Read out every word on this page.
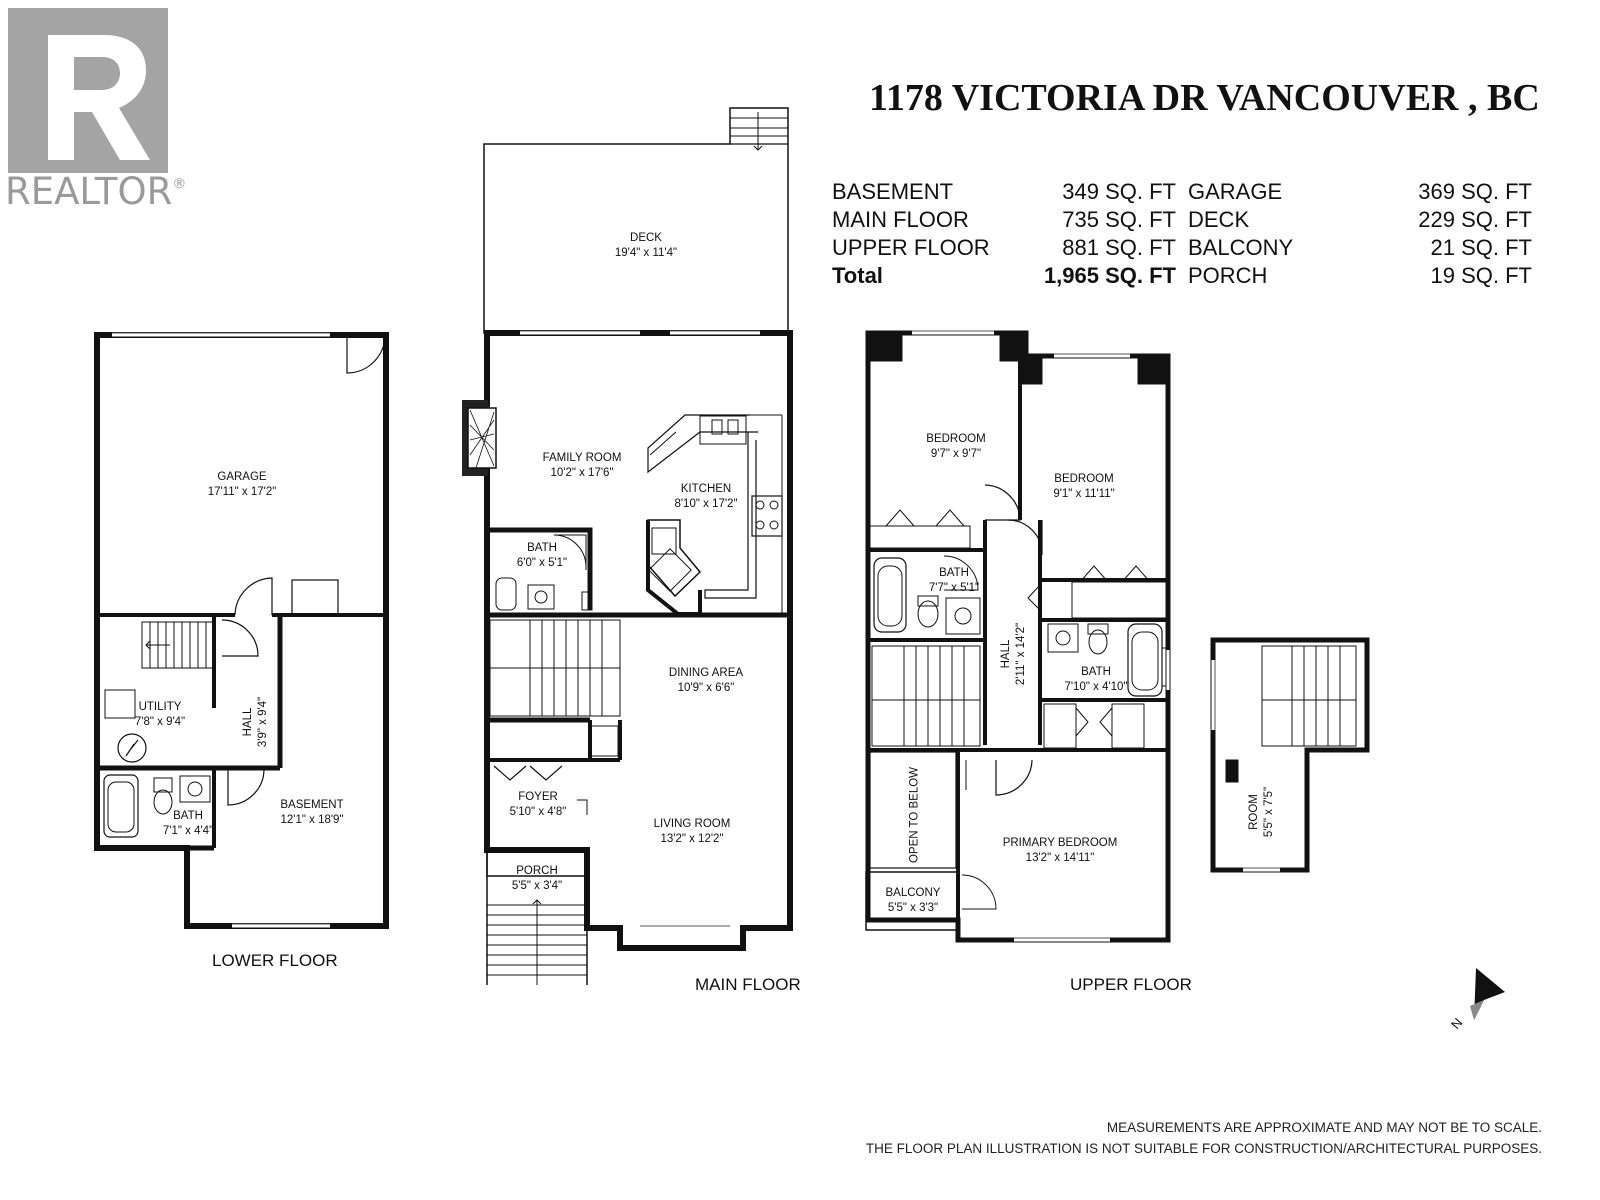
REALTOR®
1178 VICTORIA DR VANCOUVER , BC
BASEMENT	349 SQ. FT GARAGE	369 SQ. FT
MAIN FLOOR	735 SQ. FT DECK	229 SQ. FT
UPPER FLOOR	881 SQ. FT BALCONY	21 SQ. FT
Total	1,965 SQ. FT PORCH	19 SQ. FT
LOWER FLOOR
MAIN FLOOR	UPPER FLOOR
GARAGE
17'11" x 17'2"
UTILITY
7'8" x 9'4"	HALL 3'9" x 9'4"
BATH
7'1" x 4'4"
BASEMENT
12'1" x 18'9"
DECK
19'4" x 11'4"
FAMILY ROOM
10'2" x 17'6"
KITCHEN
8'10" x 17'2"
BATH
6'0" x 5'1"
DINING AREA
10'9" x 6'6"
FOYER
5'10" x 4'8"
LIVING ROOM
13'2" x 12'2"
PORCH
5'5" x 3'4"
BEDROOM
9'7" x 9'7"
BEDROOM
9'1" x 11'11"
BATH
7'7" x 5'1"
HALL 2'11" x 14'2"	BATH
7'10" x 4'10"
OPEN TO BELOW	PRIMARY BEDROOM
13'2" x 14'11"
BALCONY
5'5" x 3'3"
ROOM 5'5" x 7'5"
N
MEASUREMENTS ARE APPROXIMATE AND MAY NOT BE TO SCALE.
THE FLOOR PLAN ILLUSTRATION IS NOT SUITABLE FOR CONSTRUCTION/ARCHITECTURAL PURPOSES.
